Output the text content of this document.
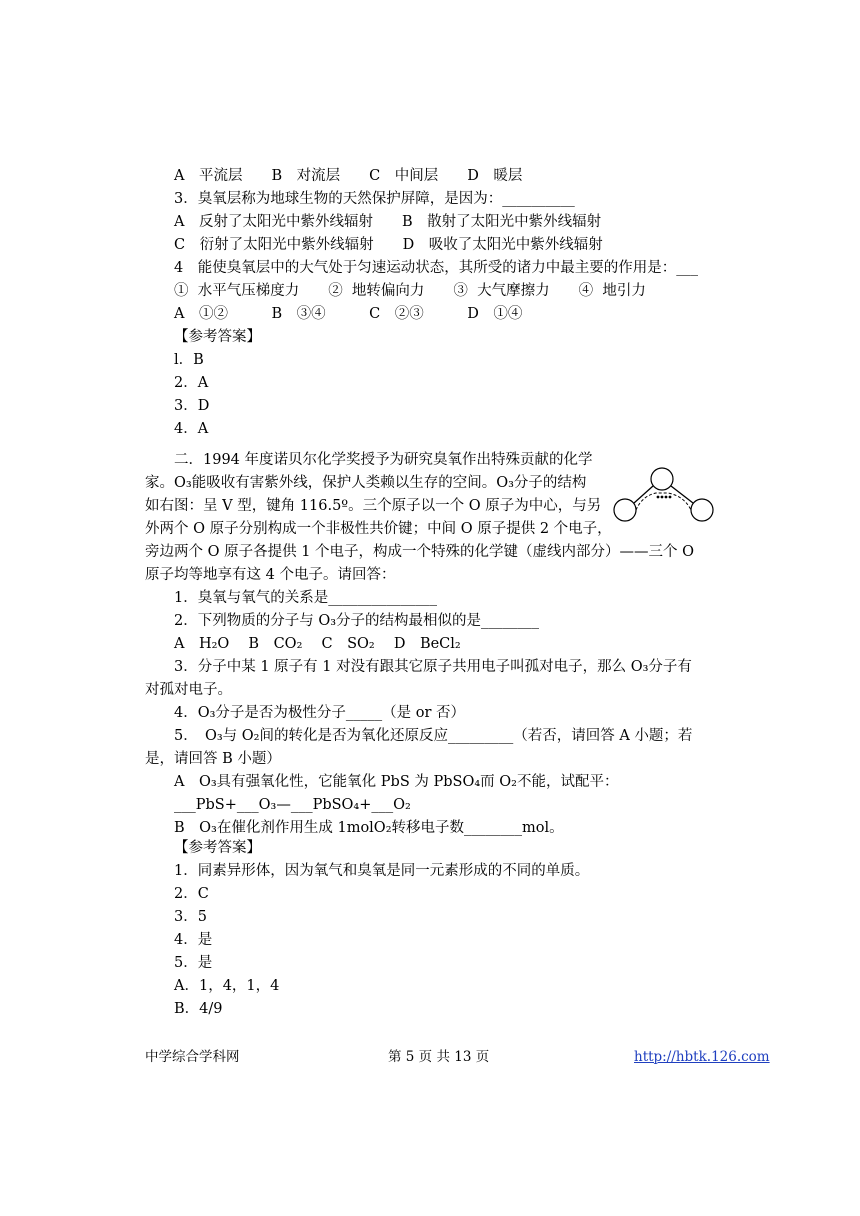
A　平流层　　B　对流层　　C　中间层　　D　暖层
3．臭氧层称为地球生物的天然保护屏障，是因为：__________
A　反射了太阳光中紫外线辐射　　B　散射了太阳光中紫外线辐射
C　衍射了太阳光中紫外线辐射　　D　吸收了太阳光中紫外线辐射
4　能使臭氧层中的大气处于匀速运动状态，其所受的诸力中最主要的作用是：___
①  水平气压梯度力　　②  地转偏向力　　③  大气摩擦力　　④  地引力
A　①②　　　B　③④　　　C　②③　　　D　①④
【参考答案】
l．B
2．A
3．D
4．A
二．1994 年度诺贝尔化学奖授予为研究臭氧作出特殊贡献的化学
家。O₃能吸收有害紫外线，保护人类赖以生存的空间。O₃分子的结构
如右图：呈 V 型，键角 116.5º。三个原子以一个 O 原子为中心，与另
外两个 O 原子分别构成一个非极性共价键；中间 O 原子提供 2 个电子，
旁边两个 O 原子各提供 1 个电子，构成一个特殊的化学键（虚线内部分）——三个 O
原子均等地享有这 4 个电子。请回答：
1．臭氧与氧气的关系是_______________
2．下列物质的分子与 O₃分子的结构最相似的是________
A　H₂O　 B　CO₂　 C　SO₂　 D　BeCl₂
3．分子中某 1 原子有 1 对没有跟其它原子共用电子叫孤对电子，那么 O₃分子有
对孤对电子。
4．O₃分子是否为极性分子_____（是 or 否）
5．　O₃与 O₂间的转化是否为氧化还原反应_________（若否，请回答 A 小题；若
是，请回答 B 小题）
A　O₃具有强氧化性，它能氧化 PbS 为 PbSO₄而 O₂不能，试配平：
___PbS+___O₃—___PbSO₄+___O₂
B　O₃在催化剂作用生成 1molO₂转移电子数________mol。
【参考答案】
1．同素异形体，因为氧气和臭氧是同一元素形成的不同的单质。
2．C
3．5
4．是
5．是
A．1，4，1，4
B．4/9
中学综合学科网	第 5 页 共 13 页	http://hbtk.126.com
